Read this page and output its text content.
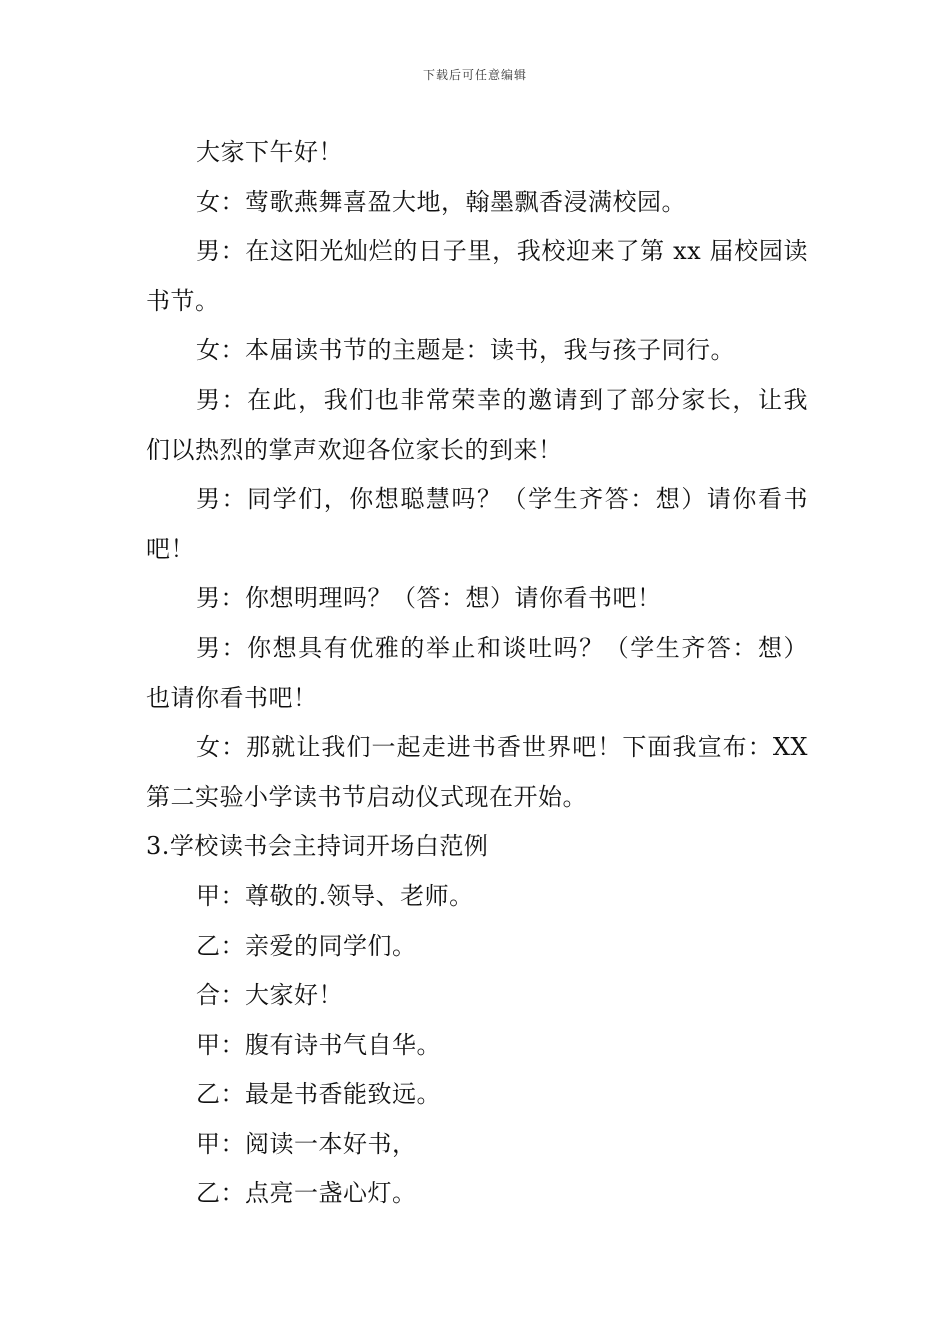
下载后可任意编辑

大家下午好！

女：莺歌燕舞喜盈大地，翰墨飘香浸满校园。

男：在这阳光灿烂的日子里，我校迎来了第 xx 届校园读书节。

女：本届读书节的主题是：读书，我与孩子同行。

男：在此，我们也非常荣幸的邀请到了部分家长，让我们以热烈的掌声欢迎各位家长的到来！

男：同学们，你想聪慧吗？（学生齐答：想）请你看书吧！

男：你想明理吗？（答：想）请你看书吧！

男：你想具有优雅的举止和谈吐吗？（学生齐答：想）也请你看书吧！

女：那就让我们一起走进书香世界吧！下面我宣布：XX 第二实验小学读书节启动仪式现在开始。

3.学校读书会主持词开场白范例

甲：尊敬的.领导、老师。

乙：亲爱的同学们。

合：大家好！

甲：腹有诗书气自华。

乙：最是书香能致远。

甲：阅读一本好书，

乙：点亮一盏心灯。
